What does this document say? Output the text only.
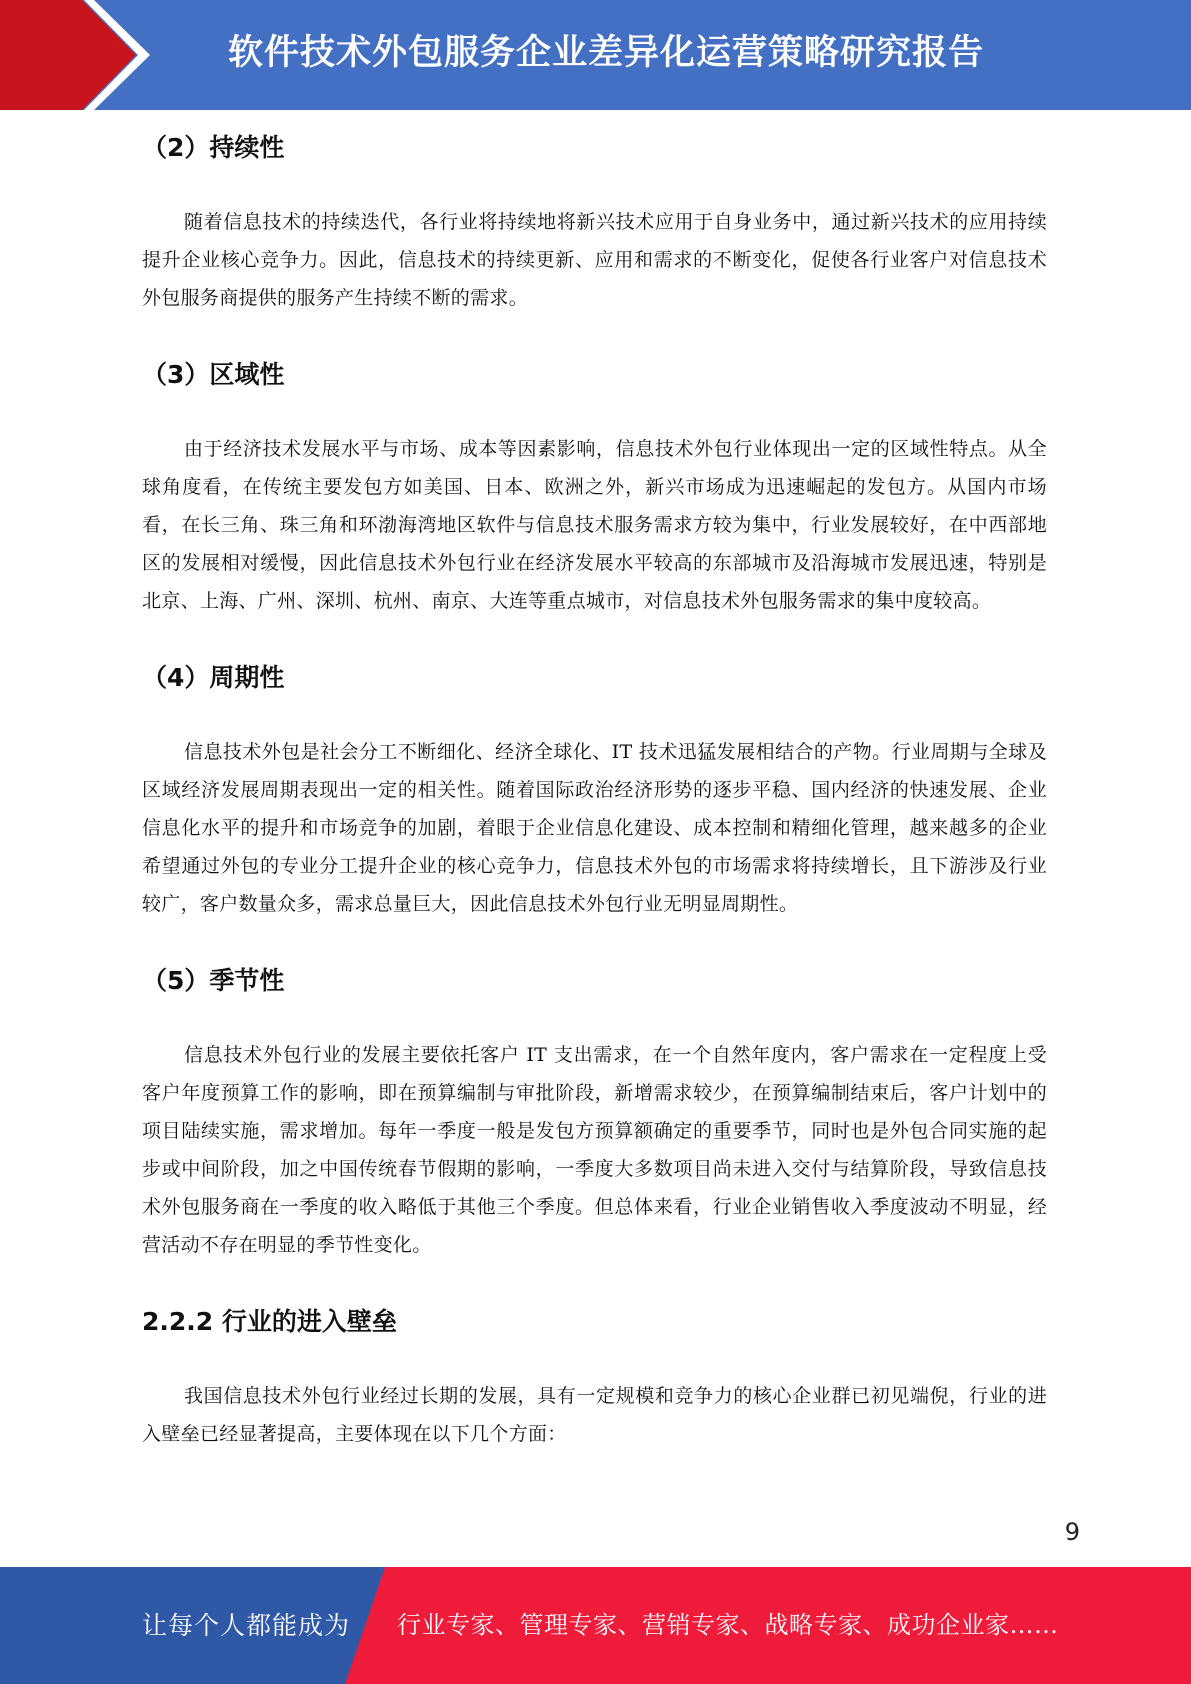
软件技术外包服务企业差异化运营策略研究报告
（2）持续性

随着信息技术的持续迭代，各行业将持续地将新兴技术应用于自身业务中，通过新兴技术的应用持续提升企业核心竞争力。因此，信息技术的持续更新、应用和需求的不断变化，促使各行业客户对信息技术外包服务商提供的服务产生持续不断的需求。

（3）区域性

由于经济技术发展水平与市场、成本等因素影响，信息技术外包行业体现出一定的区域性特点。从全球角度看，在传统主要发包方如美国、日本、欧洲之外，新兴市场成为迅速崛起的发包方。从国内市场看，在长三角、珠三角和环渤海湾地区软件与信息技术服务需求方较为集中，行业发展较好，在中西部地区的发展相对缓慢，因此信息技术外包行业在经济发展水平较高的东部城市及沿海城市发展迅速，特别是北京、上海、广州、深圳、杭州、南京、大连等重点城市，对信息技术外包服务需求的集中度较高。

（4）周期性

信息技术外包是社会分工不断细化、经济全球化、IT 技术迅猛发展相结合的产物。行业周期与全球及区域经济发展周期表现出一定的相关性。随着国际政治经济形势的逐步平稳、国内经济的快速发展、企业信息化水平的提升和市场竞争的加剧，着眼于企业信息化建设、成本控制和精细化管理，越来越多的企业希望通过外包的专业分工提升企业的核心竞争力，信息技术外包的市场需求将持续增长，且下游涉及行业较广，客户数量众多，需求总量巨大，因此信息技术外包行业无明显周期性。

（5）季节性

信息技术外包行业的发展主要依托客户 IT 支出需求，在一个自然年度内，客户需求在一定程度上受客户年度预算工作的影响，即在预算编制与审批阶段，新增需求较少，在预算编制结束后，客户计划中的项目陆续实施，需求增加。每年一季度一般是发包方预算额确定的重要季节，同时也是外包合同实施的起步或中间阶段，加之中国传统春节假期的影响，一季度大多数项目尚未进入交付与结算阶段，导致信息技术外包服务商在一季度的收入略低于其他三个季度。但总体来看，行业企业销售收入季度波动不明显，经营活动不存在明显的季节性变化。

2.2.2 行业的进入壁垒

我国信息技术外包行业经过长期的发展，具有一定规模和竞争力的核心企业群已初见端倪，行业的进入壁垒已经显著提高，主要体现在以下几个方面：

9
让每个人都能成为 行业专家、管理专家、营销专家、战略专家、成功企业家……
